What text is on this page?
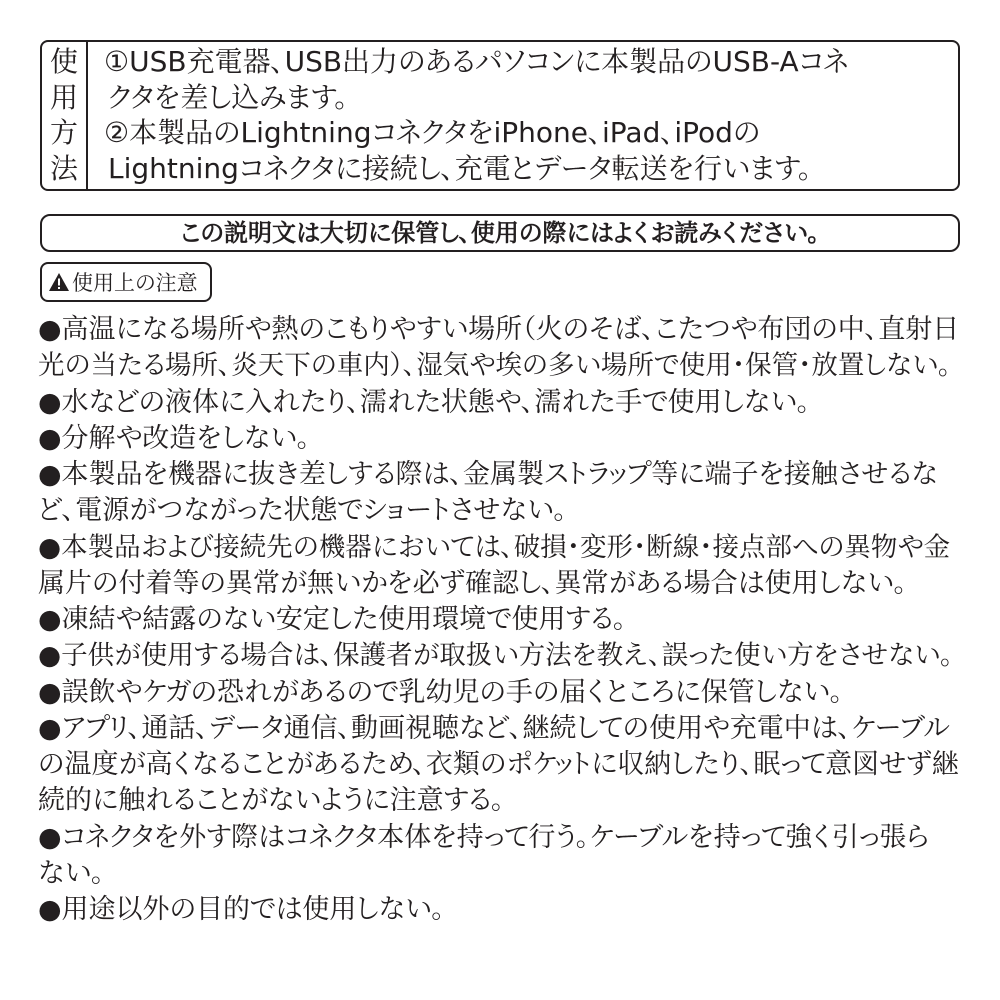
使
用
方
法
①USB充電器、USB出力のあるパソコンに本製品のUSB-Aコネ
クタを差し込みます。
②本製品のLightningコネクタをiPhone、iPad、iPodの
Lightningコネクタに接続し、充電とデータ転送を行います。
この説明文は大切に保管し、使用の際にはよくお読みください。
使用上の注意
●高温になる場所や熱のこもりやすい場所（火のそば、こたつや布団の中、直射日
光の当たる場所、炎天下の車内）、湿気や埃の多い場所で使用・保管・放置しない。
●水などの液体に入れたり、濡れた状態や、濡れた手で使用しない。
●分解や改造をしない。
●本製品を機器に抜き差しする際は、金属製ストラップ等に端子を接触させるな
ど、電源がつながった状態でショートさせない。
●本製品および接続先の機器においては、破損・変形・断線・接点部への異物や金
属片の付着等の異常が無いかを必ず確認し、異常がある場合は使用しない。
●凍結や結露のない安定した使用環境で使用する。
●子供が使用する場合は、保護者が取扱い方法を教え、誤った使い方をさせない。
●誤飲やケガの恐れがあるので乳幼児の手の届くところに保管しない。
●アプリ、通話、データ通信、動画視聴など、継続しての使用や充電中は、ケーブル
の温度が高くなることがあるため、衣類のポケットに収納したり、眠って意図せず継
続的に触れることがないように注意する。
●コネクタを外す際はコネクタ本体を持って行う。ケーブルを持って強く引っ張ら
ない。
●用途以外の目的では使用しない。
